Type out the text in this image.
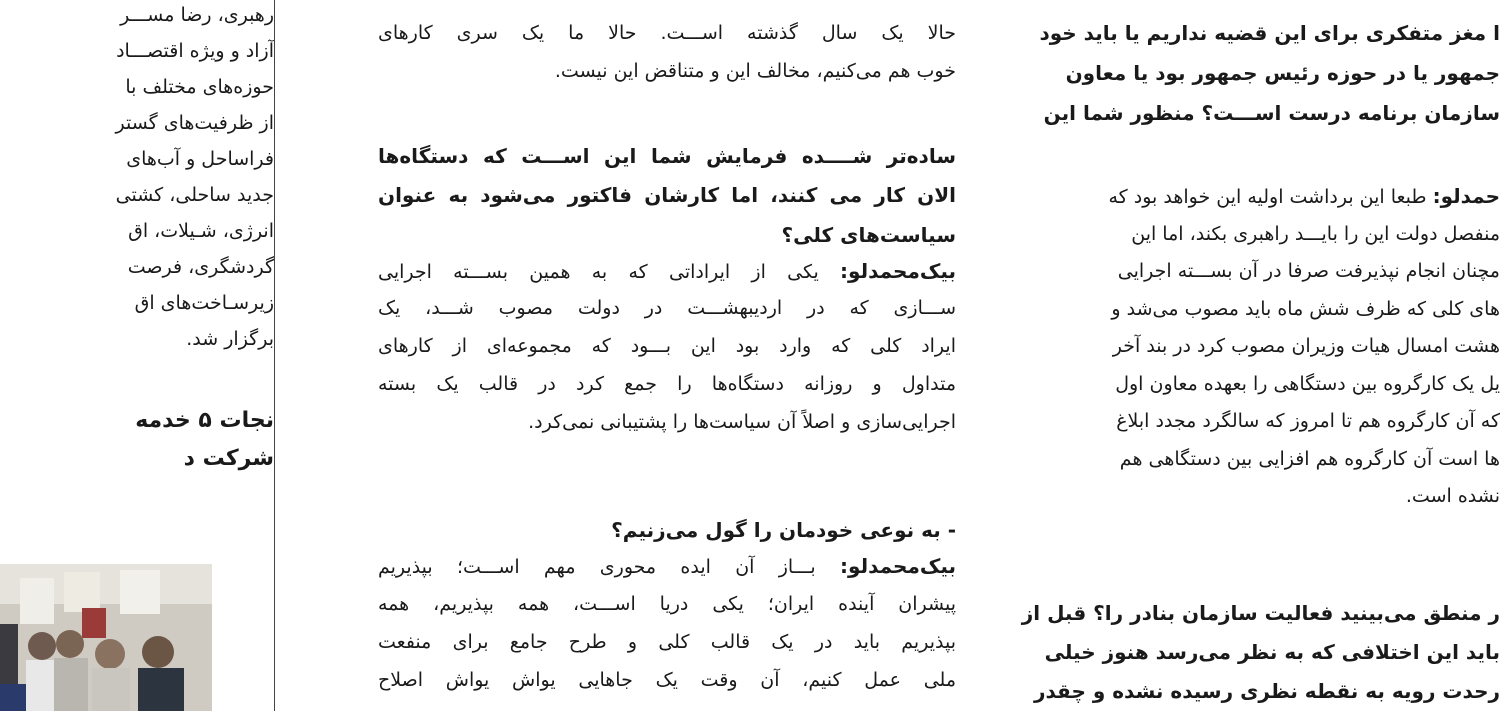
رهبری، رضا مســـر
آزاد و ویژه اقتصـــاد
حوزه‌های مختلف با
از ظرفیت‌های گستر
فراساحل و آب‌های
جدید ساحلی، کشتی
انرژی، شـیلات، اق
گردشگری، فرصت
زیرسـاخت‌های اق
برگزار شد.
نجات ۵ خدمه
شرکت د
حالا یک سال گذشته اســـت. حالا ما یک سری کارهای
خوب هم می‌کنیم، مخالف این و متناقض این نیست.
ساده‌تر شــــده فرمایش شما این اســـت که دستگاه‌ها
الان کار می کنند، اما کارشان فاکتور می‌شود به عنوان
سیاست‌های کلی؟
بیک‌محمدلو: یکی از ایراداتی که به همین بســـته اجرایی
ســـازی که در اردیبهشـــت در دولت مصوب شـــد، یک
ایراد کلی که وارد بود این بـــود که مجموعه‌ای از کارهای
متداول و روزانه دستگاه‌ها را جمع کرد در قالب یک بسته
اجرایی‌سازی و اصلاً آن سیاست‌ها را پشتیبانی نمی‌کرد.
- به نوعی خودمان را گول می‌زنیم؟
بیک‌محمدلو: بـــاز آن ایده محوری مهم اســـت؛ بپذیریم
پیشران آینده ایران؛ یکی دریا اســـت، همه بپذیریم، همه
بپذیریم باید در یک قالب کلی و طرح جامع برای منفعت
ملی عمل کنیم، آن وقت یک جاهایی یواش یواش اصلاح
ا مغز متفکری برای این قضیه نداریم یا باید خود
جمهور یا در حوزه رئیس جمهور بود یا معاون
سازمان برنامه درست اســـت؟ منظور شما این
حمدلو: طبعا این برداشت اولیه این خواهد بود که
منفصل دولت این را بایـــد راهبری بکند، اما این
مچنان انجام نپذیرفت صرفا در آن بســـته اجرایی
‌های کلی که ظرف شش ماه باید مصوب می‌شد و
هشت امسال هیات وزیران مصوب کرد در بند آخر
یل یک کارگروه بین دستگاهی را بعهده معاون اول
که آن کارگروه هم تا امروز که سالگرد مجدد ابلاغ
‌ها است آن کارگروه هم افزایی بین دستگاهی هم
نشده است.
ر منطق می‌بینید فعالیت سازمان بنادر را؟ قبل از
باید این اختلافی که به نظر می‌رسد هنوز خیلی
رحدت رویه به نقطه نظری رسیده نشده و چقدر
